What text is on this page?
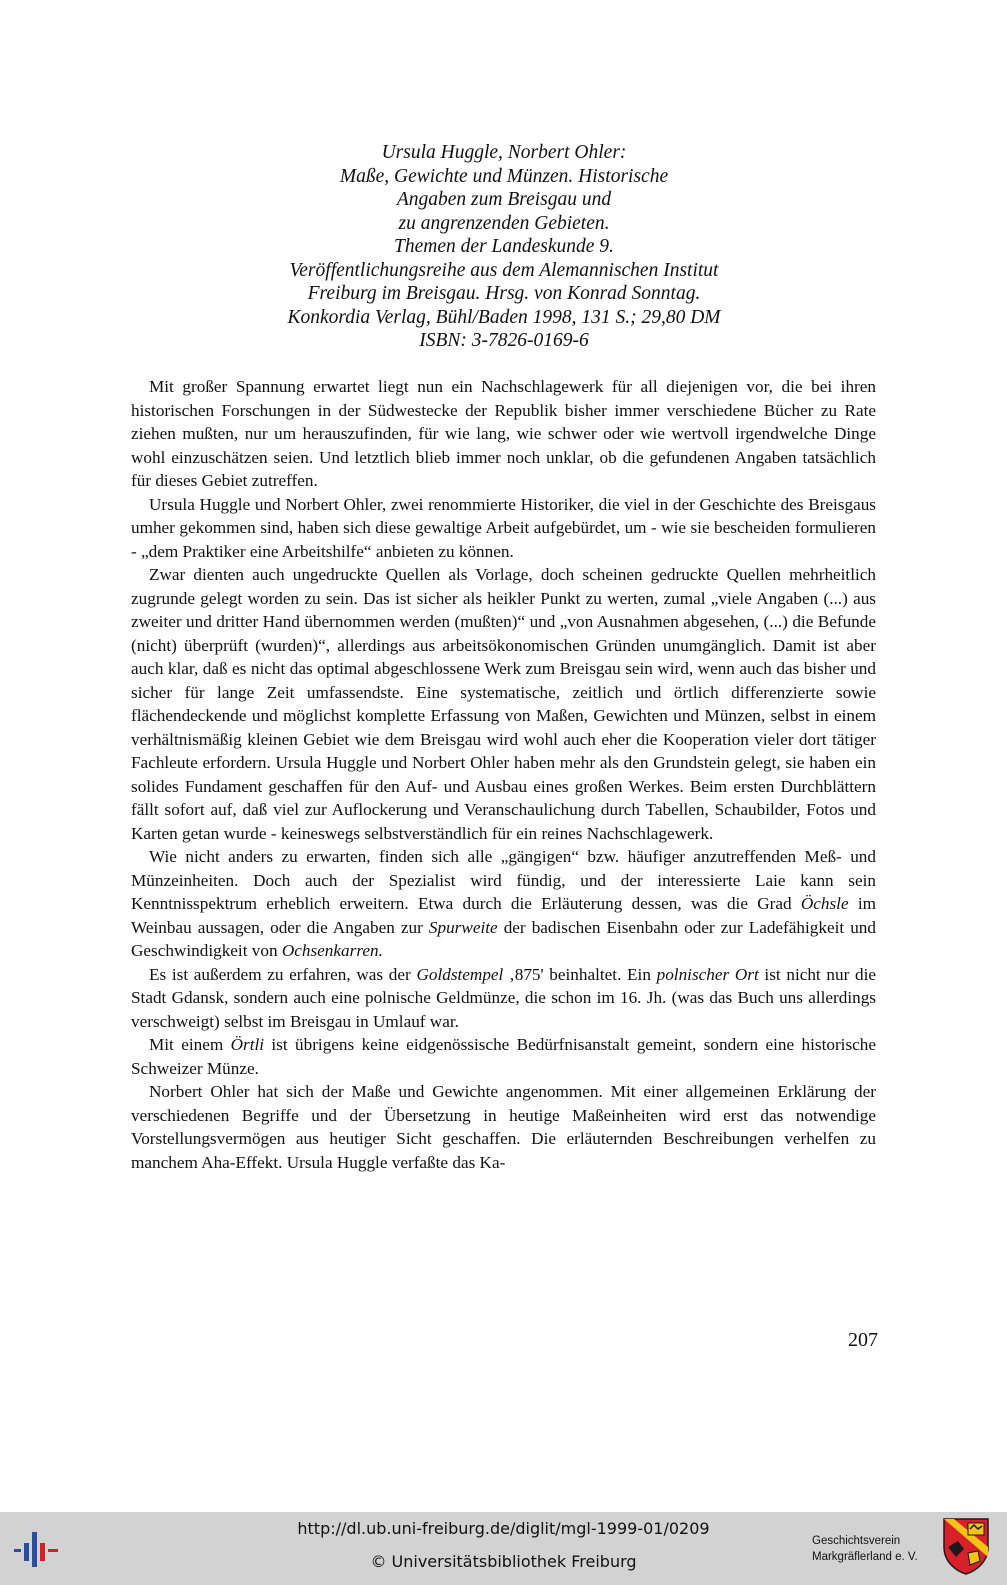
Ursula Huggle, Norbert Ohler:
Maße, Gewichte und Münzen. Historische
Angaben zum Breisgau und
zu angrenzenden Gebieten.
Themen der Landeskunde 9.
Veröffentlichungsreihe aus dem Alemannischen Institut
Freiburg im Breisgau. Hrsg. von Konrad Sonntag.
Konkordia Verlag, Bühl/Baden 1998, 131 S.; 29,80 DM
ISBN: 3-7826-0169-6

Mit großer Spannung erwartet liegt nun ein Nachschlagewerk für all diejenigen vor, die bei ihren historischen Forschungen in der Südwestecke der Republik bisher immer verschiedene Bücher zu Rate ziehen mußten, nur um herauszufinden, für wie lang, wie schwer oder wie wertvoll irgendwelche Dinge wohl einzuschätzen seien. Und letztlich blieb immer noch unklar, ob die gefundenen Angaben tatsächlich für dieses Gebiet zutreffen.

Ursula Huggle und Norbert Ohler, zwei renommierte Historiker, die viel in der Geschichte des Breisgaus umher gekommen sind, haben sich diese gewaltige Arbeit aufgebürdet, um - wie sie bescheiden formulieren - „dem Praktiker eine Arbeitshilfe“ anbieten zu können.

Zwar dienten auch ungedruckte Quellen als Vorlage, doch scheinen gedruckte Quellen mehrheitlich zugrunde gelegt worden zu sein. Das ist sicher als heikler Punkt zu werten, zumal „viele Angaben (...) aus zweiter und dritter Hand übernommen werden (mußten)“ und „von Ausnahmen abgesehen, (...) die Befunde (nicht) überprüft (wurden)“, allerdings aus arbeitsökonomischen Gründen unumgänglich. Damit ist aber auch klar, daß es nicht das optimal abgeschlossene Werk zum Breisgau sein wird, wenn auch das bisher und sicher für lange Zeit umfassendste. Eine systematische, zeitlich und örtlich differenzierte sowie flächendeckende und möglichst komplette Erfassung von Maßen, Gewichten und Münzen, selbst in einem verhältnismäßig kleinen Gebiet wie dem Breisgau wird wohl auch eher die Kooperation vieler dort tätiger Fachleute erfordern. Ursula Huggle und Norbert Ohler haben mehr als den Grundstein gelegt, sie haben ein solides Fundament geschaffen für den Auf- und Ausbau eines großen Werkes. Beim ersten Durchblättern fällt sofort auf, daß viel zur Auflockerung und Veranschaulichung durch Tabellen, Schaubilder, Fotos und Karten getan wurde - keineswegs selbstverständlich für ein reines Nachschlagewerk.

Wie nicht anders zu erwarten, finden sich alle „gängigen“ bzw. häufiger anzutreffenden Meß- und Münzeinheiten. Doch auch der Spezialist wird fündig, und der interessierte Laie kann sein Kenntnisspektrum erheblich erweitern. Etwa durch die Erläuterung dessen, was die Grad Öchsle im Weinbau aussagen, oder die Angaben zur Spurweite der badischen Eisenbahn oder zur Ladefähigkeit und Geschwindigkeit von Ochsenkarren.

Es ist außerdem zu erfahren, was der Goldstempel ‚875' beinhaltet. Ein polnischer Ort ist nicht nur die Stadt Gdansk, sondern auch eine polnische Geldmünze, die schon im 16. Jh. (was das Buch uns allerdings verschweigt) selbst im Breisgau in Umlauf war.

Mit einem Örtli ist übrigens keine eidgenössische Bedürfnisanstalt gemeint, sondern eine historische Schweizer Münze.

Norbert Ohler hat sich der Maße und Gewichte angenommen. Mit einer allgemeinen Erklärung der verschiedenen Begriffe und der Übersetzung in heutige Maßeinheiten wird erst das notwendige Vorstellungsvermögen aus heutiger Sicht geschaffen. Die erläuternden Beschreibungen verhelfen zu manchem Aha-Effekt. Ursula Huggle verfaßte das Ka-

207
http://dl.ub.uni-freiburg.de/diglit/mgl-1999-01/0209
© Universitätsbibliothek Freiburg
Geschichtsverein
Markgräflerland e. V.
